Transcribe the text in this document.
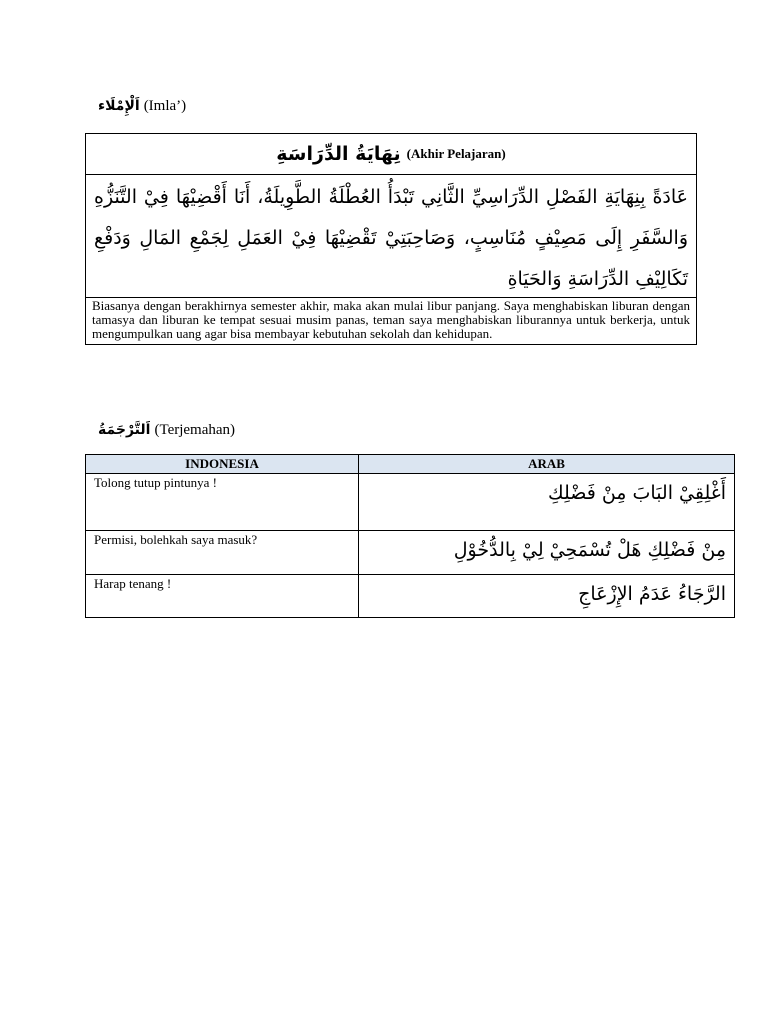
اَلْإِمْلَاء (Imla’)
نِهَايَةُ الدِّرَاسَةِ (Akhir Pelajaran)
عَادَةً بِنِهَايَةِ الفَصْلِ الدِّرَاسِيِّ الثَّانِي تَبْدَأُ العُطْلَةُ الطَّوِيلَةُ، أَنَا أَقْضِيْهَا فِيْ التَّنَزُّهِ وَالسَّفَرِ إِلَى مَصِيْفٍ مُنَاسِبٍ، وَصَاحِبَتِيْ تَقْضِيْهَا فِيْ العَمَلِ لِجَمْعِ المَالِ وَدَفْعِ تَكَالِيْفِ الدِّرَاسَةِ وَالحَيَاةِ
Biasanya dengan berakhirnya semester akhir, maka akan mulai libur panjang. Saya menghabiskan liburan dengan tamasya dan liburan ke tempat sesuai musim panas, teman saya menghabiskan liburannya untuk berkerja, untuk mengumpulkan uang agar bisa membayar kebutuhan sekolah dan kehidupan.
اَلتَّرْجَمَةُ (Terjemahan)
INDONESIA	ARAB
Tolong tutup pintunya !	أَغْلِقِيْ البَابَ مِنْ فَضْلِكِ
Permisi, bolehkah saya masuk?	مِنْ فَضْلِكِ هَلْ تُسْمَحِيْ لِيْ بِالدُّخُوْلِ
Harap tenang !	الرَّجَاءُ عَدَمُ الإِزْعَاجِ
